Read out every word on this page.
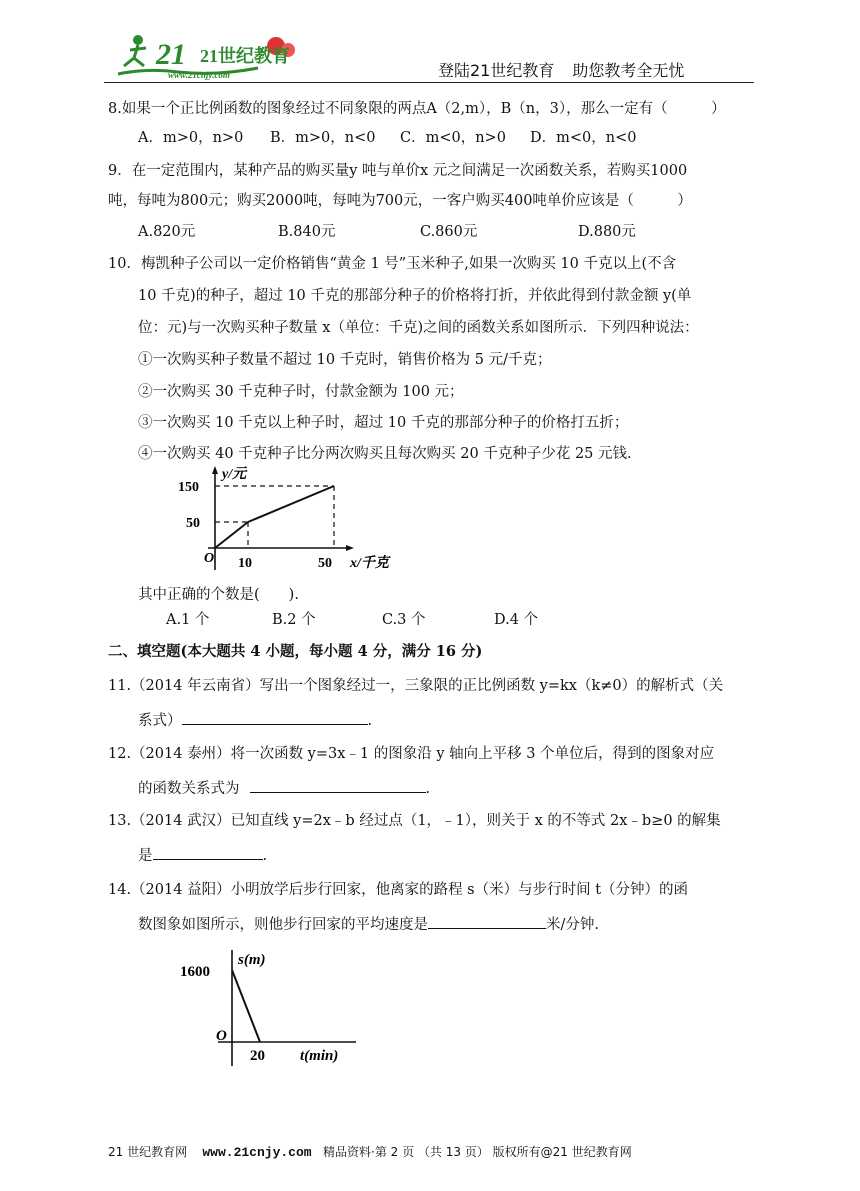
21 21世纪教育
www.21cnjy.com	登陆21世纪教育 助您教考全无忧
8.如果一个正比例函数的图象经过不同象限的两点A（2,m），B（n，3），那么一定有（　　　）
A．m>0，n>0 B．m>0，n<0 C．m<0，n>0 D．m<0，n<0
9．在一定范围内，某种产品的购买量y 吨与单价x 元之间满足一次函数关系，若购买1000
吨，每吨为800元；购买2000吨，每吨为700元，一客户购买400吨单价应该是（　　　）
A.820元	B.840元	C.860元	D.880元
10．梅凯种子公司以一定价格销售“黄金 1 号”玉米种子,如果一次购买 10 千克以上(不含
10 千克)的种子，超过 10 千克的那部分种子的价格将打折，并依此得到付款金额 y(单
位：元)与一次购买种子数量 x（单位：千克)之间的函数关系如图所示．下列四种说法：
①一次购买种子数量不超过 10 千克时，销售价格为 5 元/千克；
②一次购买 30 千克种子时，付款金额为 100 元；
③一次购买 10 千克以上种子时，超过 10 千克的那部分种子的价格打五折；
④一次购买 40 千克种子比分两次购买且每次购买 20 千克种子少花 25 元钱.
y/元
150
50
O 10	50 x/千克
其中正确的个数是(　　).
A.1 个	B.2 个	C.3 个	D.4 个
二、填空题(本大题共 4 小题，每小题 4 分，满分 16 分)
11.（2014 年云南省）写出一个图象经过一，三象限的正比例函数 y=kx（k≠0）的解析式（关
系式）	.
12.（2014 泰州）将一次函数 y=3x﹣1 的图象沿 y 轴向上平移 3 个单位后，得到的图象对应
的函数关系式为	.
13.（2014 武汉）已知直线 y=2x﹣b 经过点（1，﹣1），则关于 x 的不等式 2x﹣b≥0 的解集
是	.
14.（2014 益阳）小明放学后步行回家，他离家的路程 s（米）与步行时间 t（分钟）的函
数图象如图所示，则他步行回家的平均速度是	米/分钟.
s(m)
1600
O
20 t(min)
21 世纪教育网 www.21cnjy.com 精品资料·第 2 页 （共 13 页） 版权所有@21 世纪教育网
